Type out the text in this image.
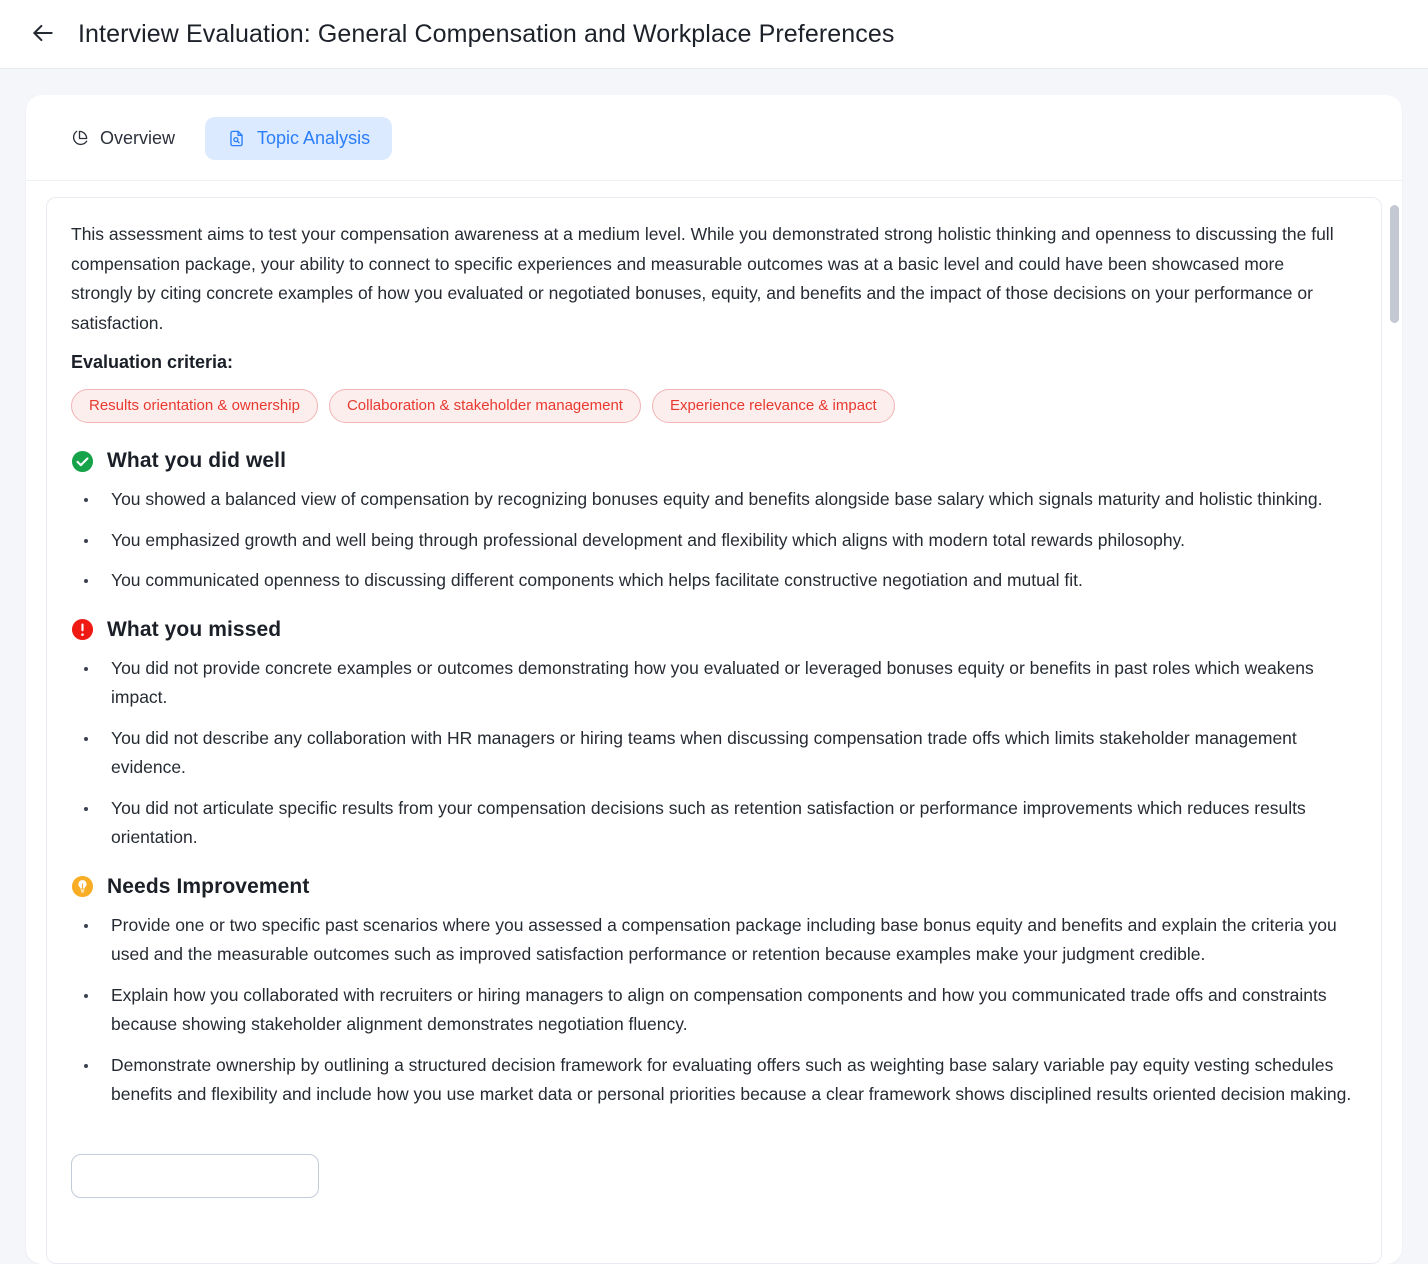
Interview Evaluation: General Compensation and Workplace Preferences
Overview	Topic Analysis

This assessment aims to test your compensation awareness at a medium level. While you demonstrated strong holistic thinking and openness to discussing the full compensation package, your ability to connect to specific experiences and measurable outcomes was at a basic level and could have been showcased more strongly by citing concrete examples of how you evaluated or negotiated bonuses, equity, and benefits and the impact of those decisions on your performance or satisfaction.

Evaluation criteria:
Results orientation & ownership	Collaboration & stakeholder management	Experience relevance & impact
What you did well
You showed a balanced view of compensation by recognizing bonuses equity and benefits alongside base salary which signals maturity and holistic thinking.
You emphasized growth and well being through professional development and flexibility which aligns with modern total rewards philosophy.
You communicated openness to discussing different components which helps facilitate constructive negotiation and mutual fit.
What you missed
You did not provide concrete examples or outcomes demonstrating how you evaluated or leveraged bonuses equity or benefits in past roles which weakens impact.
You did not describe any collaboration with HR managers or hiring teams when discussing compensation trade offs which limits stakeholder management evidence.
You did not articulate specific results from your compensation decisions such as retention satisfaction or performance improvements which reduces results orientation.
Needs Improvement
Provide one or two specific past scenarios where you assessed a compensation package including base bonus equity and benefits and explain the criteria you used and the measurable outcomes such as improved satisfaction performance or retention because examples make your judgment credible.
Explain how you collaborated with recruiters or hiring managers to align on compensation components and how you communicated trade offs and constraints because showing stakeholder alignment demonstrates negotiation fluency.
Demonstrate ownership by outlining a structured decision framework for evaluating offers such as weighting base salary variable pay equity vesting schedules benefits and flexibility and include how you use market data or personal priorities because a clear framework shows disciplined results oriented decision making.
